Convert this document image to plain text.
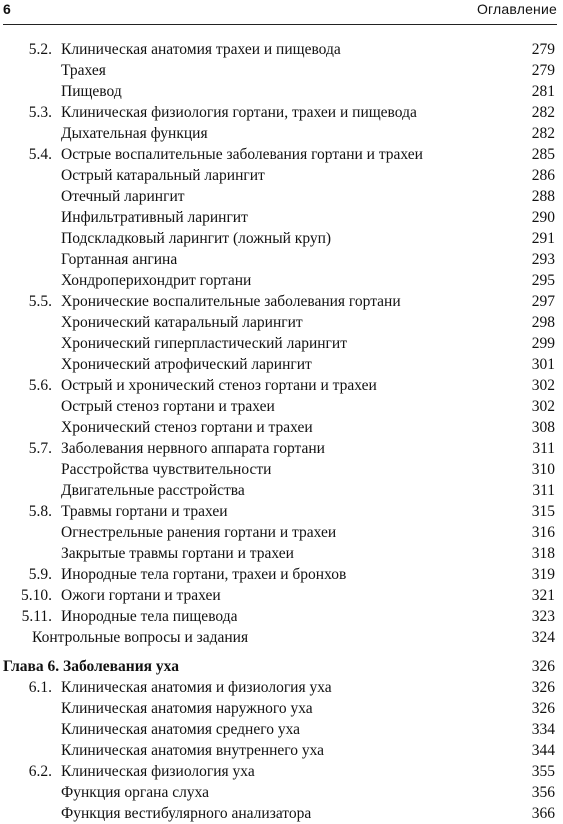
6	Оглавление
5.2. Клиническая анатомия трахеи и пищевода	279
Трахея	279
Пищевод	281
5.3. Клиническая физиология гортани, трахеи и пищевода	282
Дыхательная функция	282
5.4. Острые воспалительные заболевания гортани и трахеи	285
Острый катаральный ларингит	286
Отечный ларингит	288
Инфильтративный ларингит	290
Подскладковый ларингит (ложный круп)	291
Гортанная ангина	293
Хондроперихондрит гортани	295
5.5. Хронические воспалительные заболевания гортани	297
Хронический катаральный ларингит	298
Хронический гиперпластический ларингит	299
Хронический атрофический ларингит	301
5.6. Острый и хронический стеноз гортани и трахеи	302
Острый стеноз гортани и трахеи	302
Хронический стеноз гортани и трахеи	308
5.7. Заболевания нервного аппарата гортани	311
Расстройства чувствительности	310
Двигательные расстройства	311
5.8. Травмы гортани и трахеи	315
Огнестрельные ранения гортани и трахеи	316
Закрытые травмы гортани и трахеи	318
5.9. Инородные тела гортани, трахеи и бронхов	319
5.10. Ожоги гортани и трахеи	321
5.11. Инородные тела пищевода	323
Контрольные вопросы и задания	324
Глава 6. Заболевания уха	326
6.1. Клиническая анатомия и физиология уха	326
Клиническая анатомия наружного уха	326
Клиническая анатомия среднего уха	334
Клиническая анатомия внутреннего уха	344
6.2. Клиническая физиология уха	355
Функция органа слуха	356
Функция вестибулярного анализатора	366
